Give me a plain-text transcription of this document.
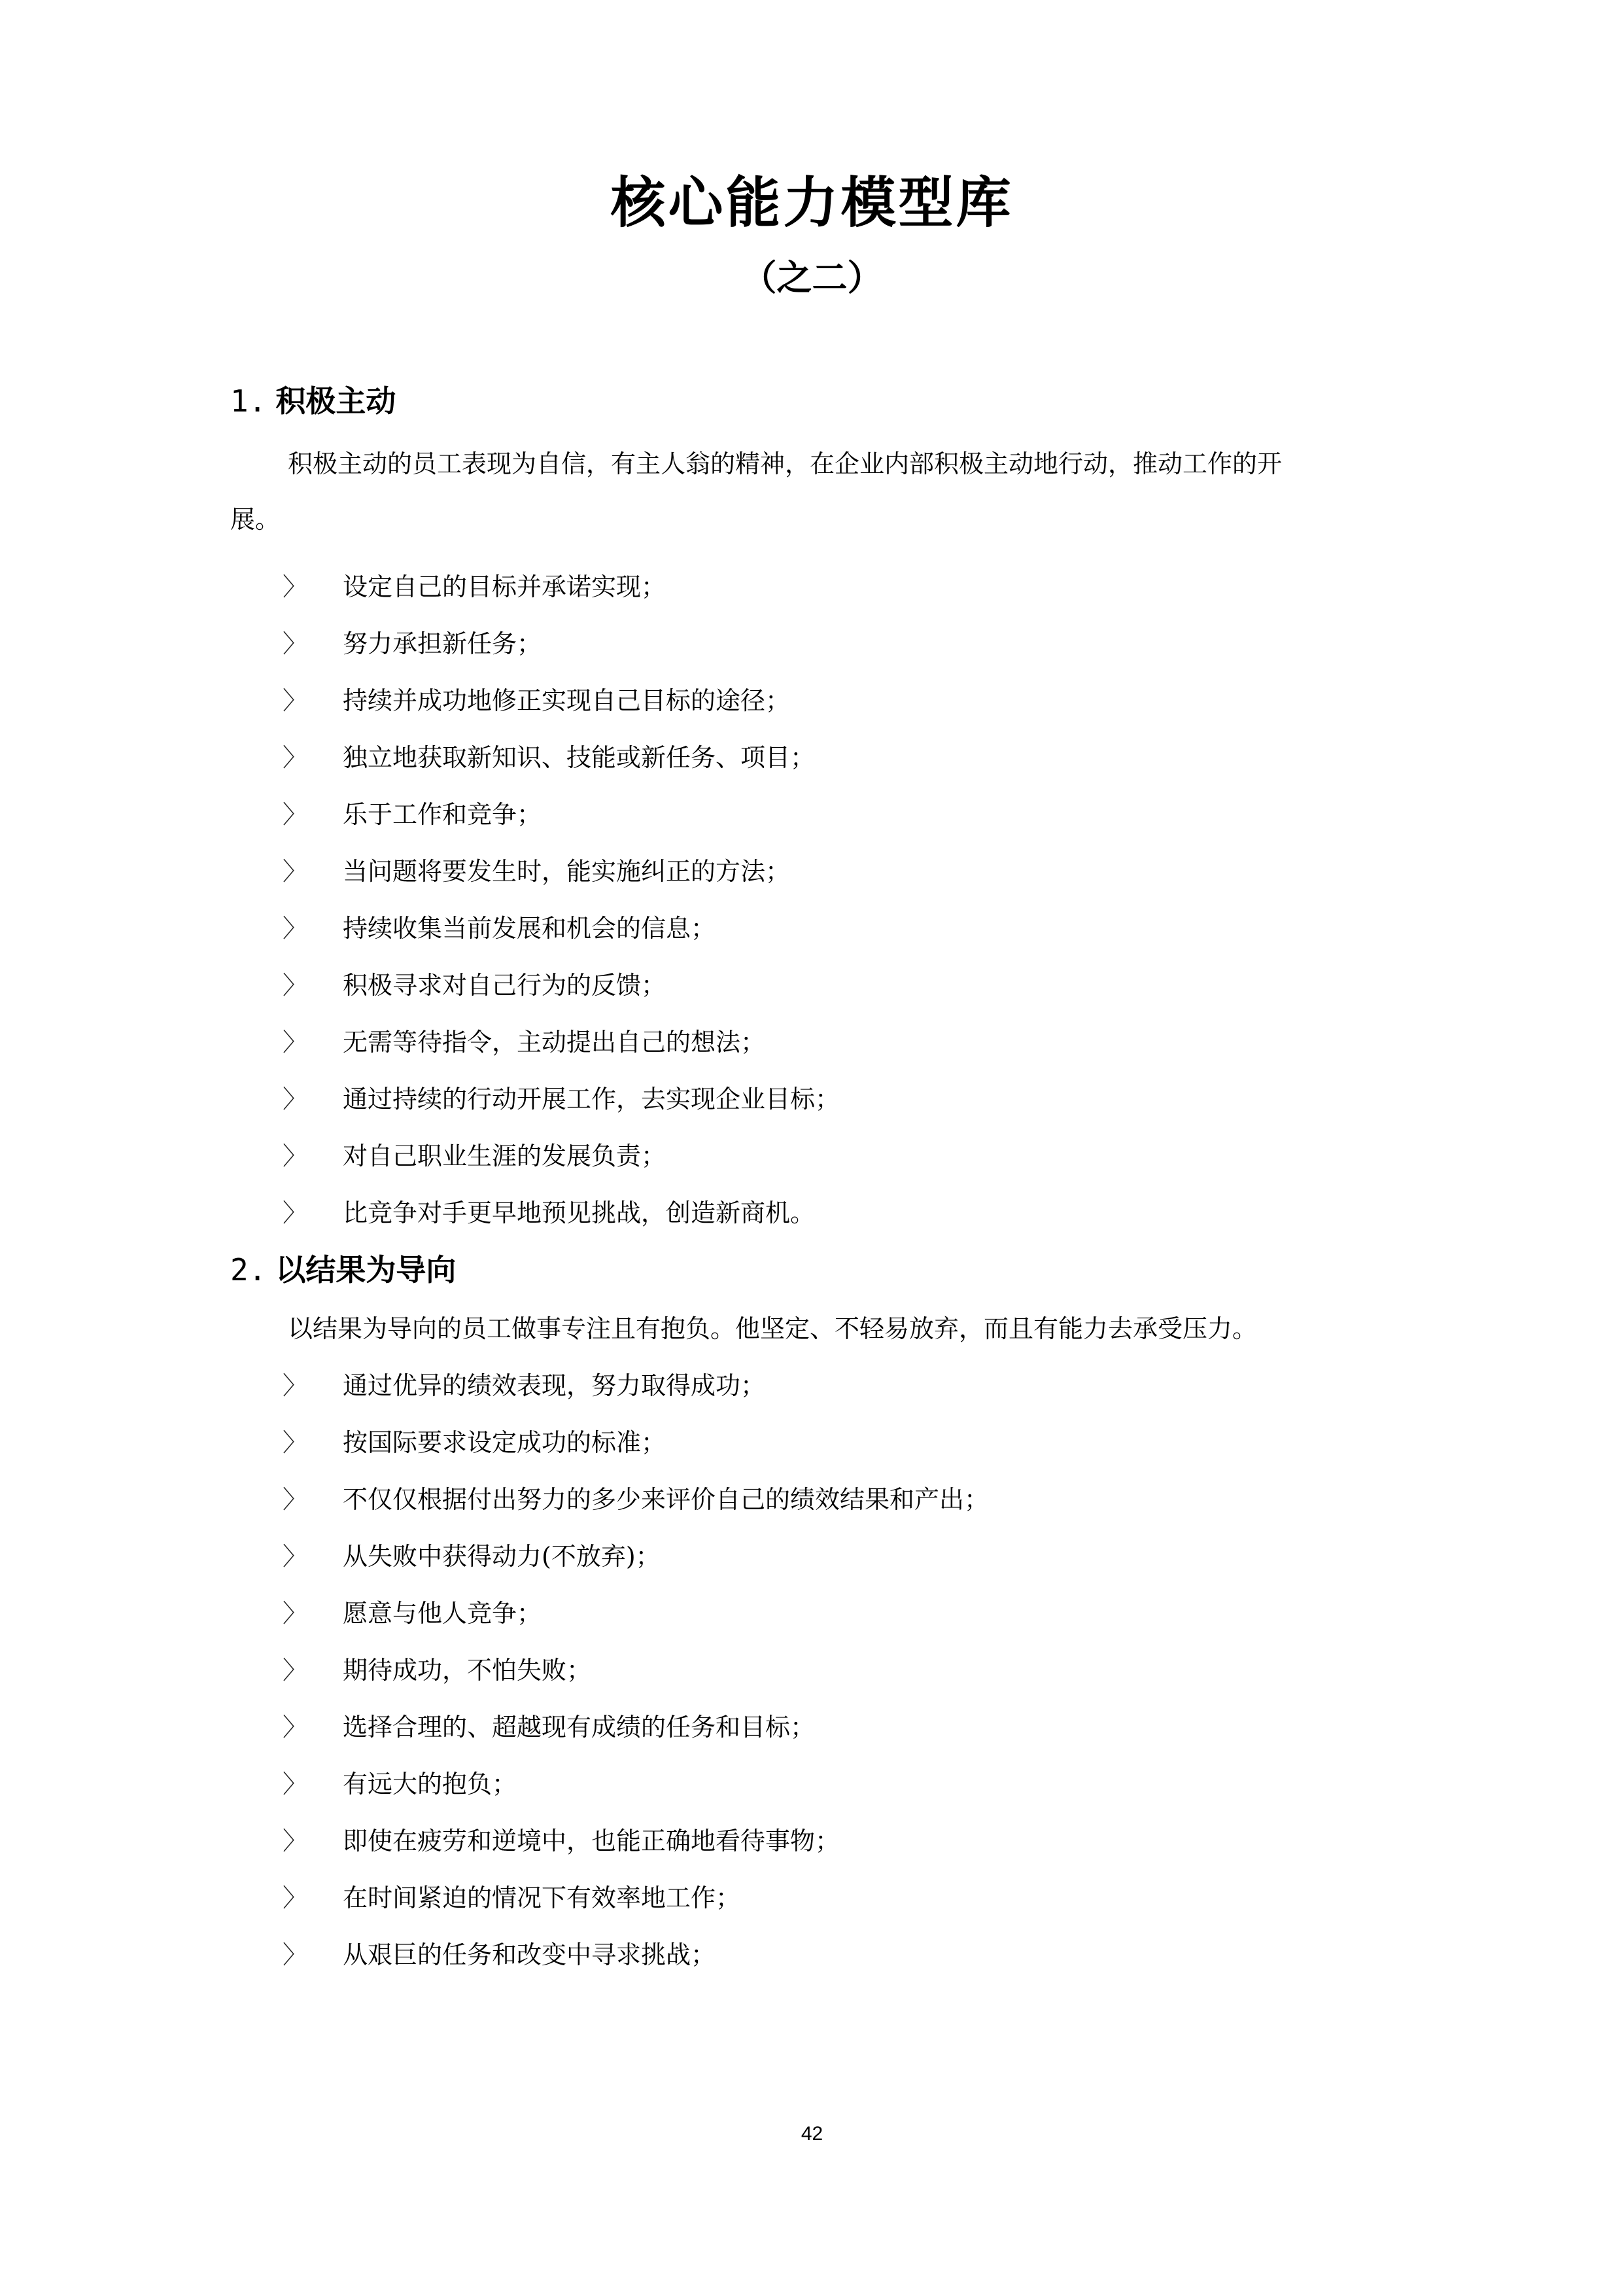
核心能力模型库
（之二）
1. 积极主动

积极主动的员工表现为自信，有主人翁的精神，在企业内部积极主动地行动，推动工作的开

展。

〉 设定自己的目标并承诺实现；
〉 努力承担新任务；
〉 持续并成功地修正实现自己目标的途径；
〉 独立地获取新知识、技能或新任务、项目；
〉 乐于工作和竞争；
〉 当问题将要发生时，能实施纠正的方法；
〉 持续收集当前发展和机会的信息；
〉 积极寻求对自己行为的反馈；
〉 无需等待指令，主动提出自己的想法；
〉 通过持续的行动开展工作，去实现企业目标；
〉 对自己职业生涯的发展负责；
〉 比竞争对手更早地预见挑战，创造新商机。
2. 以结果为导向

以结果为导向的员工做事专注且有抱负。他坚定、不轻易放弃，而且有能力去承受压力。

〉 通过优异的绩效表现，努力取得成功；
〉 按国际要求设定成功的标准；
〉 不仅仅根据付出努力的多少来评价自己的绩效结果和产出；
〉 从失败中获得动力(不放弃)；
〉 愿意与他人竞争；
〉 期待成功，不怕失败；
〉 选择合理的、超越现有成绩的任务和目标；
〉 有远大的抱负；
〉 即使在疲劳和逆境中，也能正确地看待事物；
〉 在时间紧迫的情况下有效率地工作；
〉 从艰巨的任务和改变中寻求挑战；
42
